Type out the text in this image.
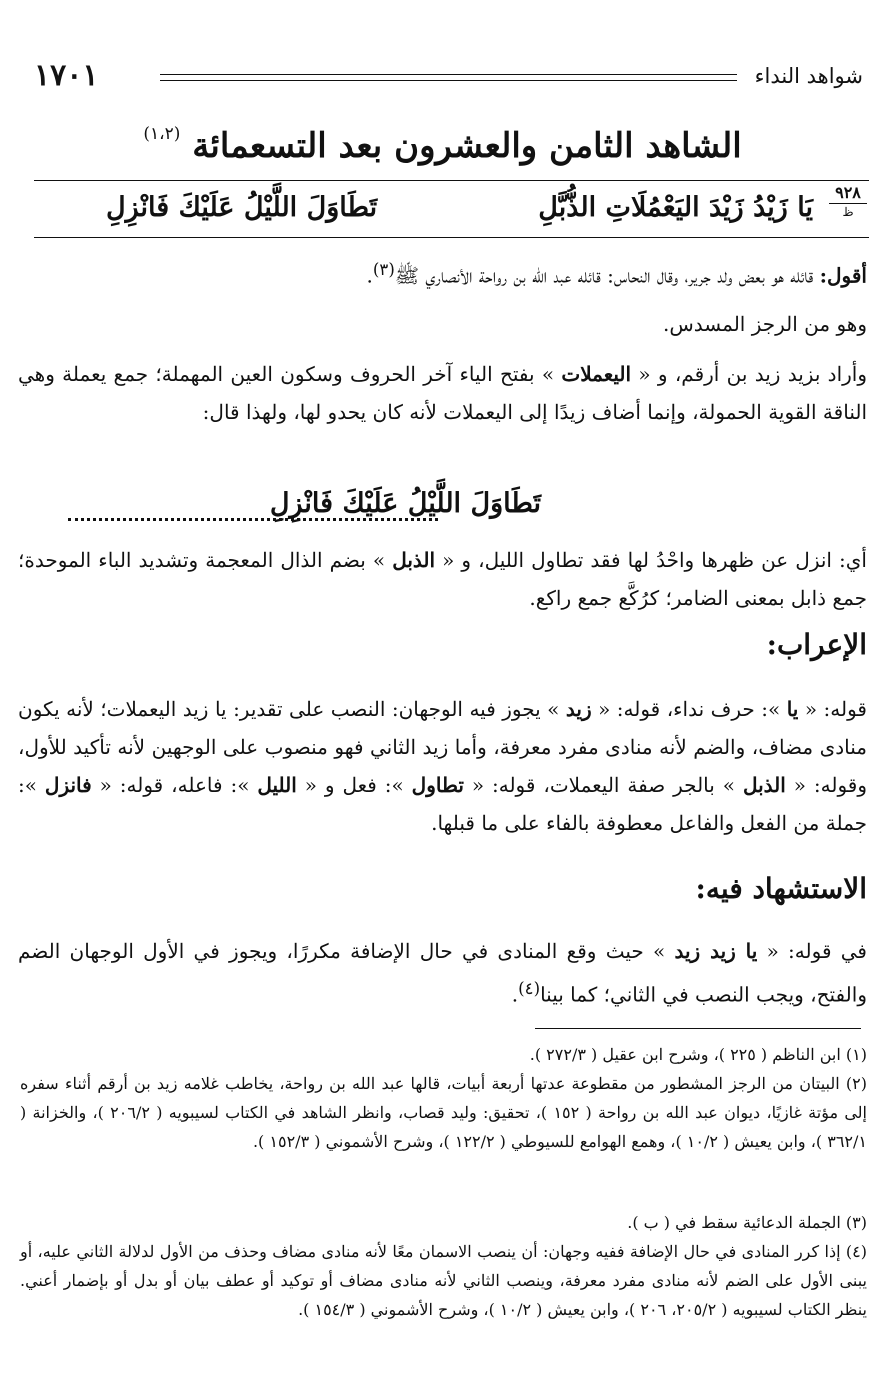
شواهد النداء
١٧٠١
الشاهد الثامن والعشرون بعد التسعمائة $^{(١،٢)}$
٩٢٨
ظ
يَا زَيْدُ زَيْدَ اليَعْمُلَاتِ الذُّبَّلِ
تَطَاوَلَ اللَّيْلُ عَلَيْكَ فَانْزِلِ

أقول: قائله هو بعض ولد جرير، وقال النحاس: قائله عبد الله بن رواحة الأنصاري ﷺ$^{(٣)}$.

وهو من الرجز المسدس.

وأراد بزيد زيد بن أرقم، و « اليعملات » بفتح الياء آخر الحروف وسكون العين المهملة؛ جمع يعملة وهي الناقة القوية الحمولة، وإنما أضاف زيدًا إلى اليعملات لأنه كان يحدو لها، ولهذا قال:

تَطَاوَلَ اللَّيْلُ عَلَيْكَ فَانْزِلِ

أي: انزل عن ظهرها واحْدُ لها فقد تطاول الليل، و « الذبل » بضم الذال المعجمة وتشديد الباء الموحدة؛ جمع ذابل بمعنى الضامر؛ كرُكَّع جمع راكع.

الإعراب:

قوله: « يا »: حرف نداء، قوله: « زيد » يجوز فيه الوجهان: النصب على تقدير: يا زيد اليعملات؛ لأنه يكون منادى مضاف، والضم لأنه منادى مفرد معرفة، وأما زيد الثاني فهو منصوب على الوجهين لأنه تأكيد للأول، وقوله: « الذبل » بالجر صفة اليعملات، قوله: « تطاول »: فعل و « الليل »: فاعله، قوله: « فانزل »: جملة من الفعل والفاعل معطوفة بالفاء على ما قبلها.

الاستشهاد فيه:

في قوله: « يا زيد زيد » حيث وقع المنادى في حال الإضافة مكررًا، ويجوز في الأول الوجهان الضم والفتح، ويجب النصب في الثاني؛ كما بينا$^{(٤)}$.

(١) ابن الناظم ( ٢٢٥ )، وشرح ابن عقيل ( ٢٧٢/٣ ).

(٢) البيتان من الرجز المشطور من مقطوعة عدتها أربعة أبيات، قالها عبد الله بن رواحة، يخاطب غلامه زيد بن أرقم أثناء سفره إلى مؤتة غازيًا، ديوان عبد الله بن رواحة ( ١٥٢ )، تحقيق: وليد قصاب، وانظر الشاهد في الكتاب لسيبويه ( ٢٠٦/٢ )، والخزانة ( ٣٦٢/١ )، وابن يعيش ( ١٠/٢ )، وهمع الهوامع للسيوطي ( ١٢٢/٢ )، وشرح الأشموني ( ١٥٢/٣ ).

(٣) الجملة الدعائية سقط في ( ب ).

(٤) إذا كرر المنادى في حال الإضافة ففيه وجهان: أن ينصب الاسمان معًا لأنه منادى مضاف وحذف من الأول لدلالة الثاني عليه، أو يبنى الأول على الضم لأنه منادى مفرد معرفة، وينصب الثاني لأنه منادى مضاف أو توكيد أو عطف بيان أو بدل أو بإضمار أعني. ينظر الكتاب لسيبويه ( ٢٠٥/٢، ٢٠٦ )، وابن يعيش ( ١٠/٢ )، وشرح الأشموني ( ١٥٤/٣ ).
